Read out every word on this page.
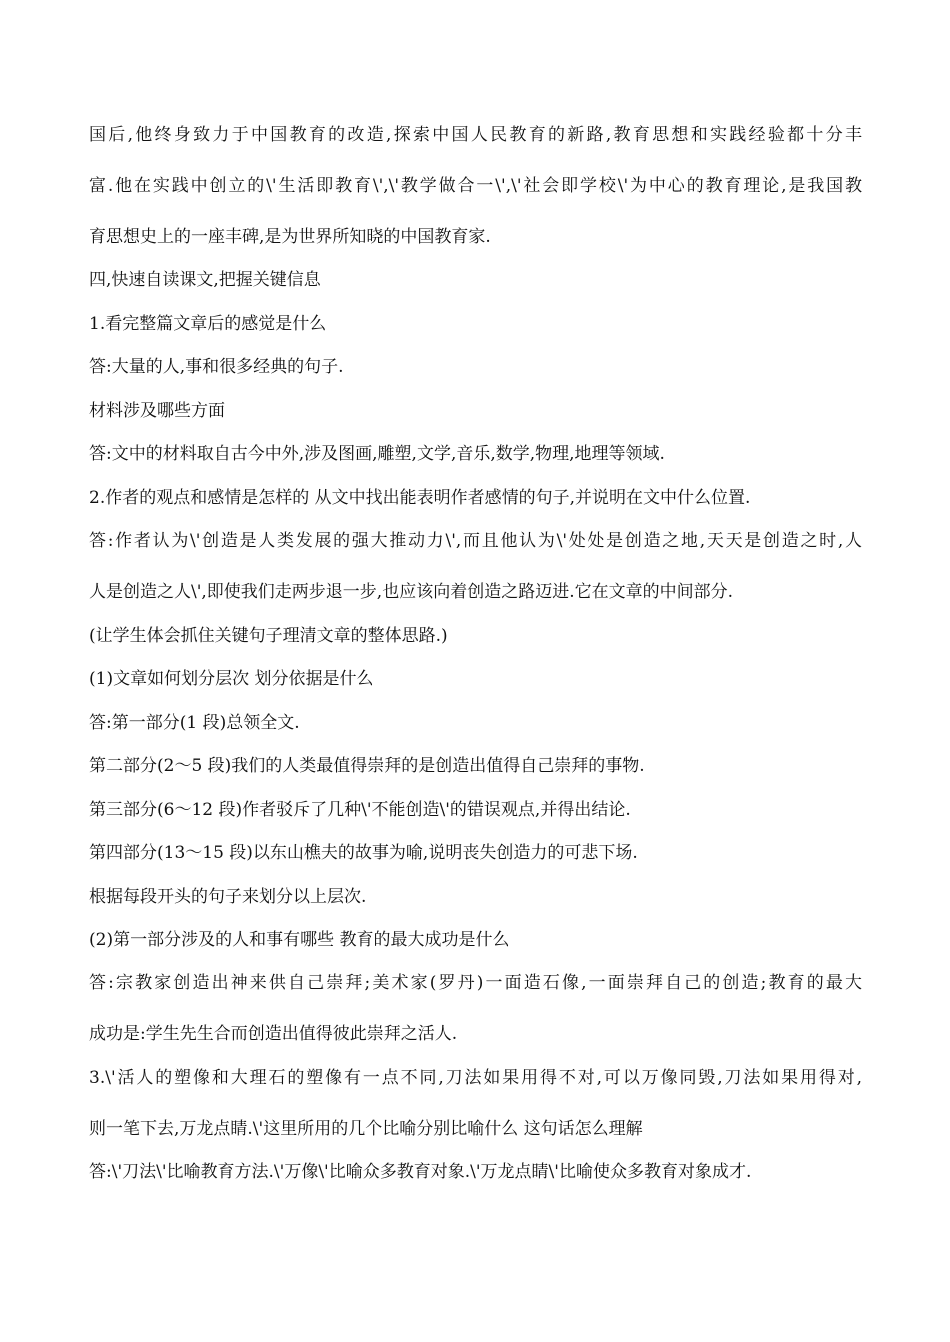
国后,他终身致力于中国教育的改造,探索中国人民教育的新路,教育思想和实践经验都十分丰
富.他在实践中创立的\'生活即教育\',\'教学做合一\',\'社会即学校\'为中心的教育理论,是我国教
育思想史上的一座丰碑,是为世界所知晓的中国教育家.
四,快速自读课文,把握关键信息
1.看完整篇文章后的感觉是什么
答:大量的人,事和很多经典的句子.
材料涉及哪些方面
答:文中的材料取自古今中外,涉及图画,雕塑,文学,音乐,数学,物理,地理等领域.
2.作者的观点和感情是怎样的 从文中找出能表明作者感情的句子,并说明在文中什么位置.
答:作者认为\'创造是人类发展的强大推动力\',而且他认为\'处处是创造之地,天天是创造之时,人
人是创造之人\',即使我们走两步退一步,也应该向着创造之路迈进.它在文章的中间部分.
(让学生体会抓住关键句子理清文章的整体思路.)
(1)文章如何划分层次 划分依据是什么
答:第一部分(1 段)总领全文.
第二部分(2～5 段)我们的人类最值得崇拜的是创造出值得自己崇拜的事物.
第三部分(6～12 段)作者驳斥了几种\'不能创造\'的错误观点,并得出结论.
第四部分(13～15 段)以东山樵夫的故事为喻,说明丧失创造力的可悲下场.
根据每段开头的句子来划分以上层次.
(2)第一部分涉及的人和事有哪些 教育的最大成功是什么
答:宗教家创造出神来供自己崇拜;美术家(罗丹)一面造石像,一面崇拜自己的创造;教育的最大
成功是:学生先生合而创造出值得彼此崇拜之活人.
3.\'活人的塑像和大理石的塑像有一点不同,刀法如果用得不对,可以万像同毁,刀法如果用得对,
则一笔下去,万龙点睛.\'这里所用的几个比喻分别比喻什么 这句话怎么理解
答:\'刀法\'比喻教育方法.\'万像\'比喻众多教育对象.\'万龙点睛\'比喻使众多教育对象成才.
